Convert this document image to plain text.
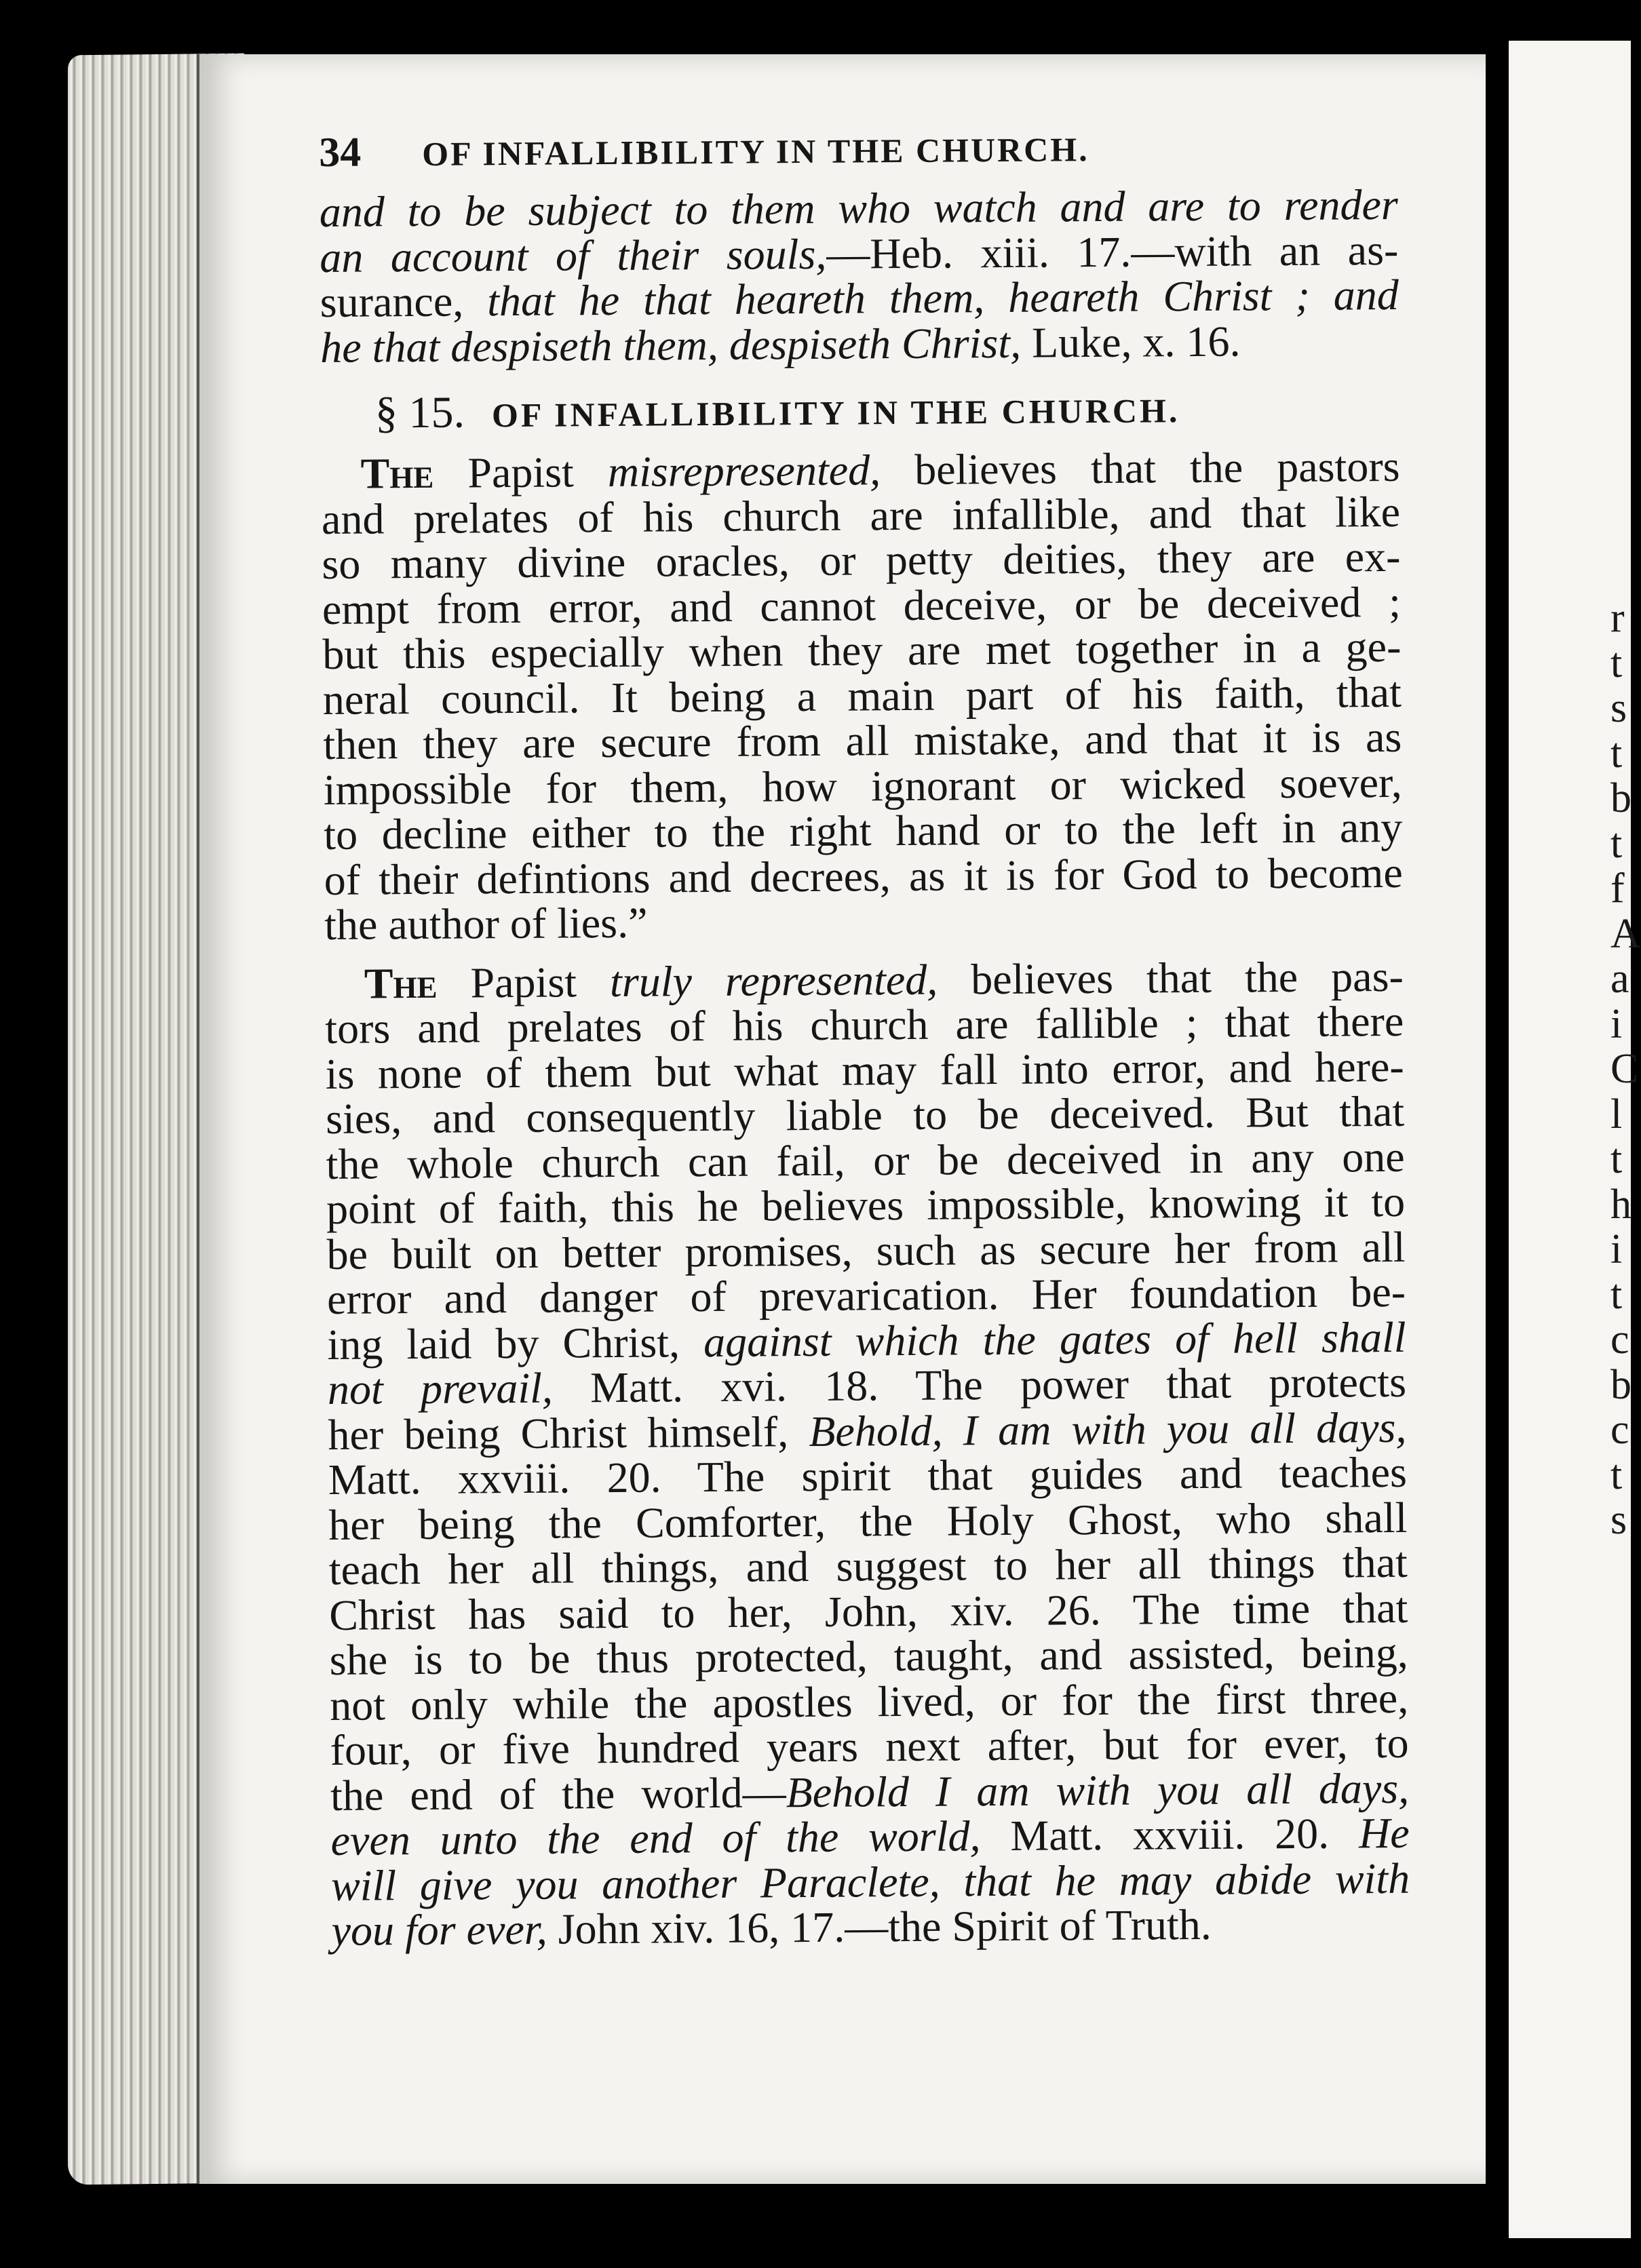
r
t
s
t
b
t
f
A
a
i
C
l
t
h
i
t
c
b
c
t
s
34 OF INFALLIBILITY IN THE CHURCH.
and to be subject to them who watch and are to render
an account of their souls,—Heb. xiii. 17.—with an as-
surance, that he that heareth them, heareth Christ ; and
he that despiseth them, despiseth Christ, Luke, x. 16.
§ 15. OF INFALLIBILITY IN THE CHURCH.
The Papist misrepresented, believes that the pastors
and prelates of his church are infallible, and that like
so many divine oracles, or petty deities, they are ex-
empt from error, and cannot deceive, or be deceived ;
but this especially when they are met together in a ge-
neral council. It being a main part of his faith, that
then they are secure from all mistake, and that it is as
impossible for them, how ignorant or wicked soever,
to decline either to the right hand or to the left in any
of their defintions and decrees, as it is for God to become
the author of lies.”
The Papist truly represented, believes that the pas-
tors and prelates of his church are fallible ; that there
is none of them but what may fall into error, and here-
sies, and consequently liable to be deceived. But that
the whole church can fail, or be deceived in any one
point of faith, this he believes impossible, knowing it to
be built on better promises, such as secure her from all
error and danger of prevarication. Her foundation be-
ing laid by Christ, against which the gates of hell shall
not prevail, Matt. xvi. 18. The power that protects
her being Christ himself, Behold, I am with you all days,
Matt. xxviii. 20. The spirit that guides and teaches
her being the Comforter, the Holy Ghost, who shall
teach her all things, and suggest to her all things that
Christ has said to her, John, xiv. 26. The time that
she is to be thus protected, taught, and assisted, being,
not only while the apostles lived, or for the first three,
four, or five hundred years next after, but for ever, to
the end of the world—Behold I am with you all days,
even unto the end of the world, Matt. xxviii. 20. He
will give you another Paraclete, that he may abide with
you for ever, John xiv. 16, 17.—the Spirit of Truth.
